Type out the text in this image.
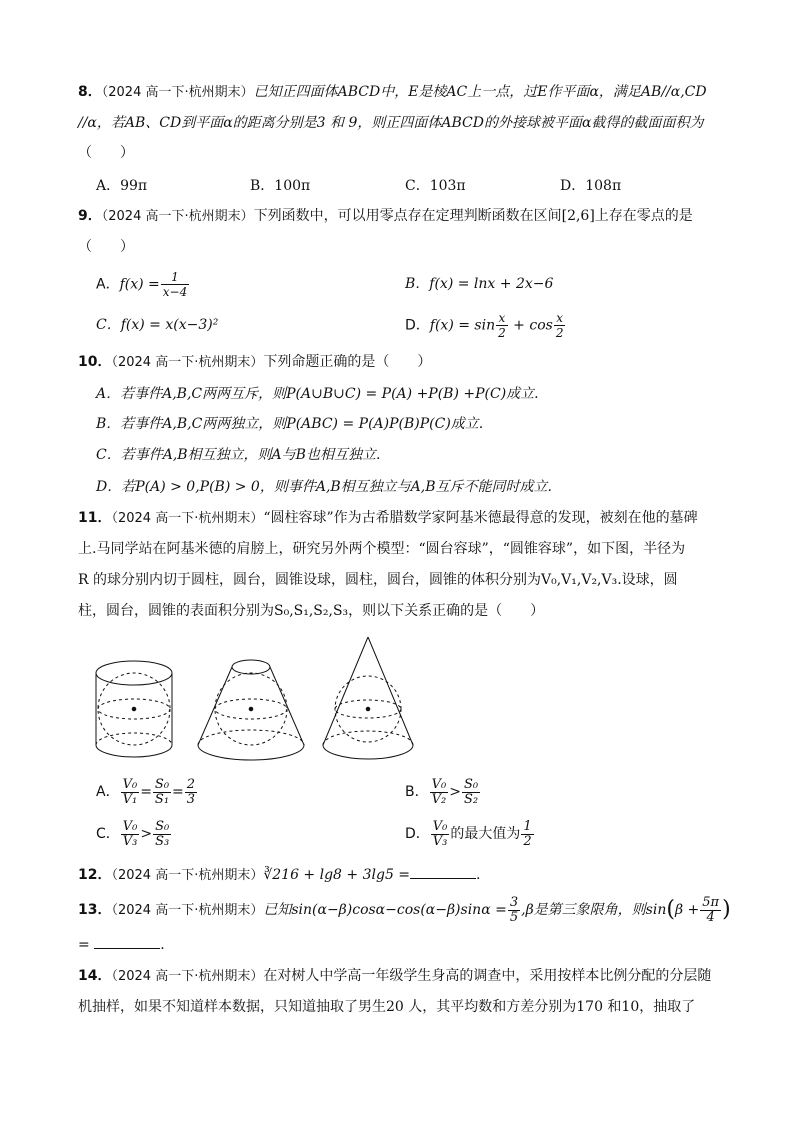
8．（2024 高一下·杭州期末）已知正四面体ABCD中，E是棱AC上一点，过E作平面α，满足AB//α,CD
//α，若AB、CD到平面α的距离分别是3 和 9，则正四面体ABCD的外接球被平面α截得的截面面积为
（　　）
A．99π	B．100π	C．103π	D．108π
9．（2024 高一下·杭州期末）下列函数中，可以用零点存在定理判断函数在区间[2,6]上存在零点的是
（　　）
A．$f(x) = \frac{1}{x-4}$	B．f(x) = lnx + 2x−6
C．f(x) = x(x−3)²	D．$f(x) = \sin \frac{x}{2} + \cos \frac{x}{2}$
10．（2024 高一下·杭州期末）下列命题正确的是（　　）
A．若事件A,B,C两两互斥，则P(A∪B∪C) = P(A) +P(B) +P(C)成立.
B．若事件A,B,C两两独立，则P(ABC) = P(A)P(B)P(C)成立.
C．若事件A,B相互独立，则A与B也相互独立.
D．若P(A) > 0,P(B) > 0，则事件A,B相互独立与A,B互斥不能同时成立.
11．（2024 高一下·杭州期末）“圆柱容球”作为古希腊数学家阿基米德最得意的发现，被刻在他的墓碑
上.马同学站在阿基米德的肩膀上，研究另外两个模型：“圆台容球”，“圆锥容球”，如下图，半径为
R 的球分别内切于圆柱，圆台，圆锥设球，圆柱，圆台，圆锥的体积分别为V₀,V₁,V₂,V₃.设球，圆
柱，圆台，圆锥的表面积分别为S₀,S₁,S₂,S₃，则以下关系正确的是（　　）
A． $\frac{\text{V₀}}{\text{V₁}} = \frac{\text{S₀}}{\text{S₁}} = \frac{2}{3}$	B． $\frac{\text{V₀}}{\text{V₂}} > \frac{\text{S₀}}{\text{S₂}}$
C． $\frac{\text{V₀}}{\text{V₃}} > \frac{\text{S₀}}{\text{S₃}}$	D． $\frac{\text{V₀}}{\text{V₃}}$ 的最大值为 $\frac{1}{2}$
12．（2024 高一下·杭州期末）∛216 + lg8 + 3lg5 =	.
13．（2024 高一下·杭州期末）已知$\sin(\alpha-\beta)\cos\alpha-\cos(\alpha-\beta)\sin\alpha = \frac{3}{5} ,\beta$是第三象限角，则$\sin(\beta + \frac{5\pi}{4}$ )
=	.
14．（2024 高一下·杭州期末）在对树人中学高一年级学生身高的调查中，采用按样本比例分配的分层随
机抽样，如果不知道样本数据，只知道抽取了男生20 人，其平均数和方差分别为170 和10，抽取了
